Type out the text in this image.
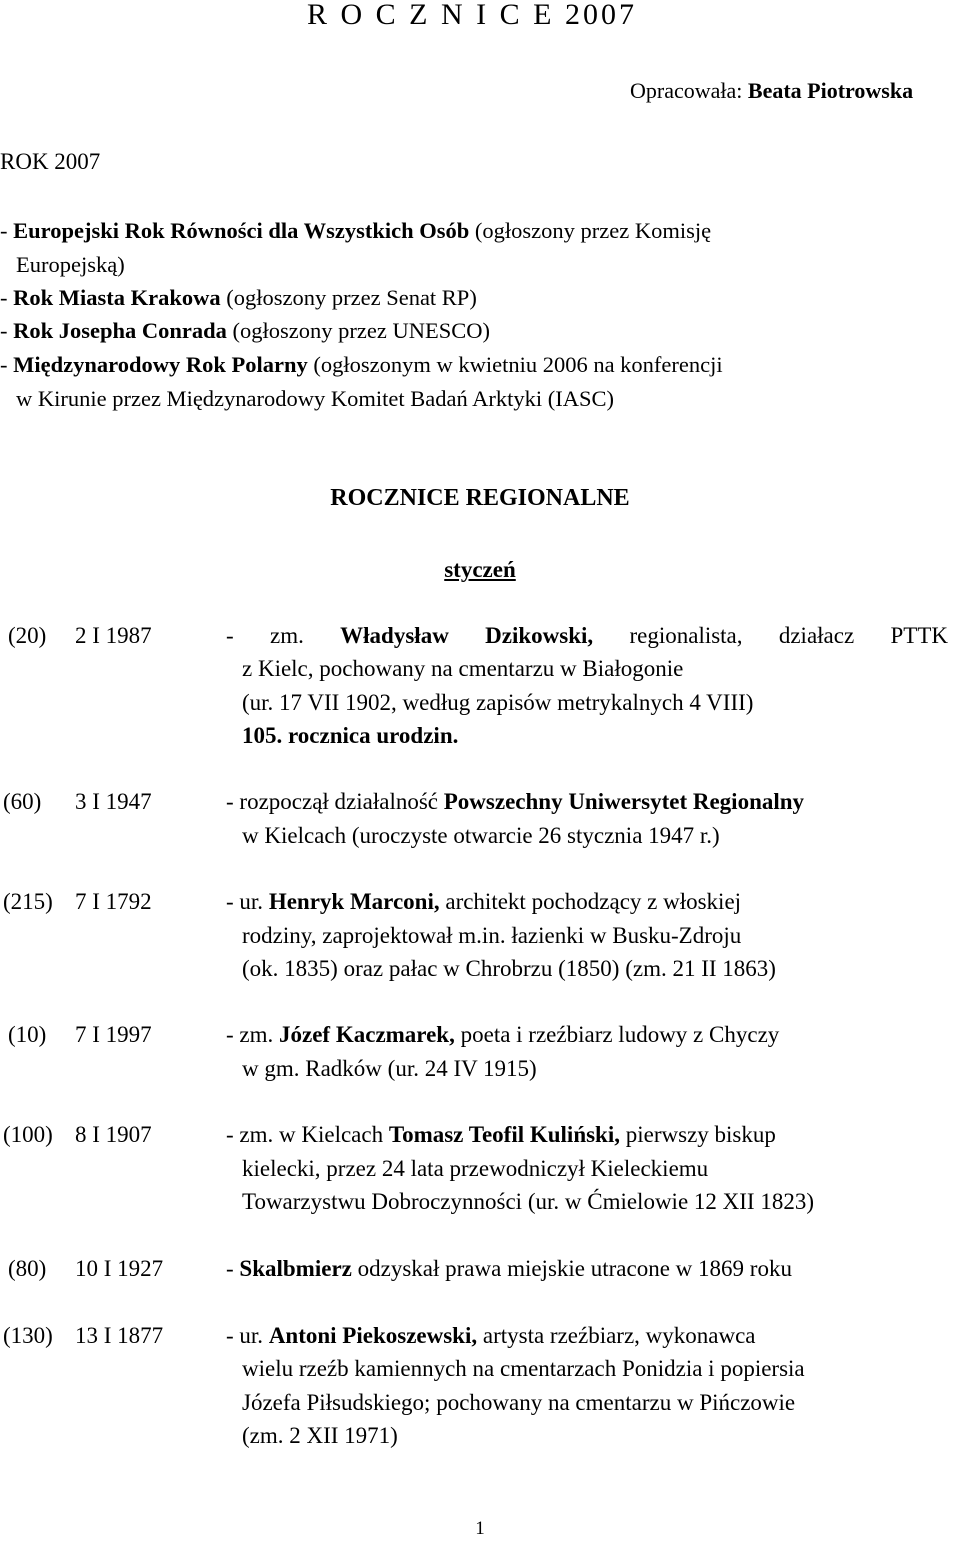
R O C Z N I C E 2007
Opracowała: Beata Piotrowska
ROK 2007
- Europejski Rok Równości dla Wszystkich Osób (ogłoszony przez Komisję
Europejską)
- Rok Miasta Krakowa (ogłoszony przez Senat RP)
- Rok Josepha Conrada (ogłoszony przez UNESCO)
- Międzynarodowy Rok Polarny (ogłoszonym w kwietniu 2006 na konferencji
w Kirunie przez Międzynarodowy Komitet Badań Arktyki (IASC)
ROCZNICE REGIONALNE
styczeń
(20) 2 I 1987	- zm. Władysław Dzikowski, regionalista, działacz PTTK
z Kielc, pochowany na cmentarzu w Białogonie
(ur. 17 VII 1902, według zapisów metrykalnych 4 VIII)
105. rocznica urodzin.
(60) 3 I 1947	- rozpoczął działalność Powszechny Uniwersytet Regionalny
w Kielcach (uroczyste otwarcie 26 stycznia 1947 r.)
(215) 7 I 1792	- ur. Henryk Marconi, architekt pochodzący z włoskiej
rodziny, zaprojektował m.in. łazienki w Busku-Zdroju
(ok. 1835) oraz pałac w Chrobrzu (1850) (zm. 21 II 1863)
(10) 7 I 1997	- zm. Józef Kaczmarek, poeta i rzeźbiarz ludowy z Chyczy
w gm. Radków (ur. 24 IV 1915)
(100) 8 I 1907	- zm. w Kielcach Tomasz Teofil Kuliński, pierwszy biskup
kielecki, przez 24 lata przewodniczył Kieleckiemu
Towarzystwu Dobroczynności (ur. w Ćmielowie 12 XII 1823)
(80) 10 I 1927	- Skalbmierz odzyskał prawa miejskie utracone w 1869 roku
(130) 13 I 1877	- ur. Antoni Piekoszewski, artysta rzeźbiarz, wykonawca
wielu rzeźb kamiennych na cmentarzach Ponidzia i popiersia
Józefa Piłsudskiego; pochowany na cmentarzu w Pińczowie
(zm. 2 XII 1971)
1
